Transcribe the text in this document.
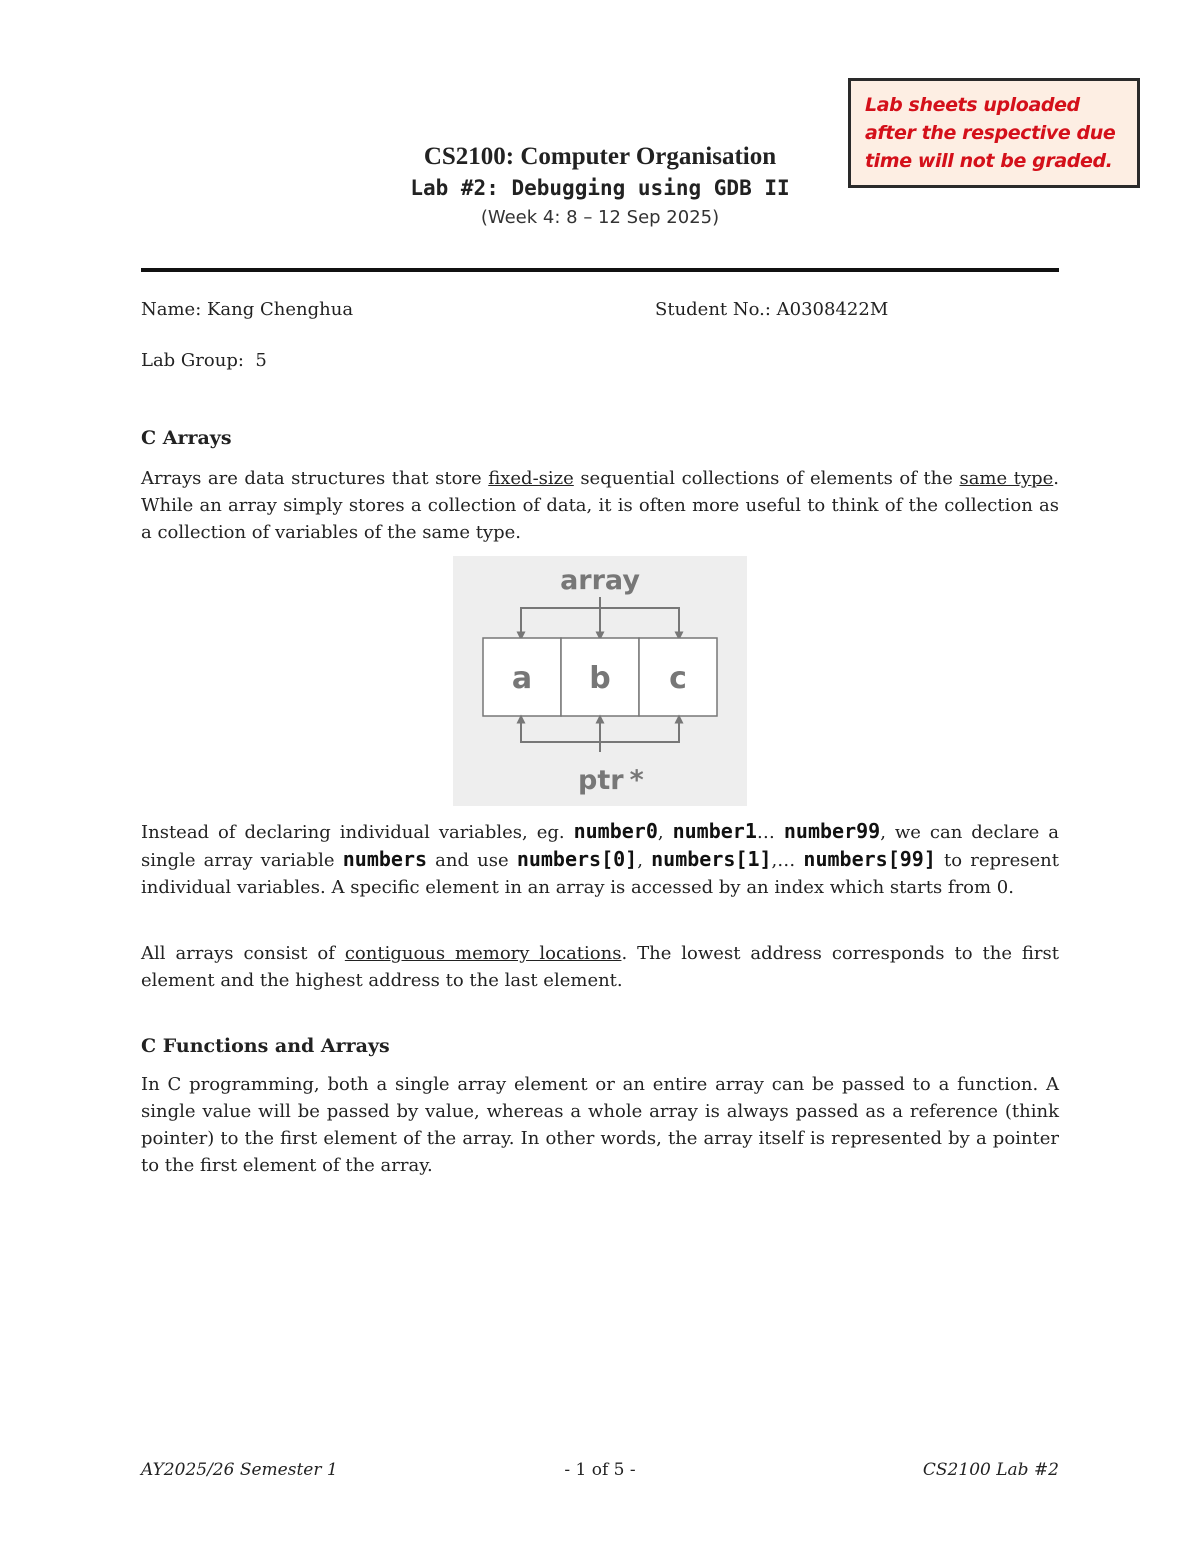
Lab sheets uploaded
after the respective due
time will not be graded.
CS2100: Computer Organisation
Lab #2: Debugging using GDB II
(Week 4: 8 – 12 Sep 2025)
Name: Kang Chenghua	Student No.: A0308422M
Lab Group:  5
C Arrays
Arrays are data structures that store fixed-size sequential collections of elements of the same type. While an array simply stores a collection of data, it is often more useful to think of the collection as a collection of variables of the same type.
array
a b c
ptr *
Instead of declaring individual variables, eg. number0, number1… number99, we can declare a single array variable numbers and use numbers[0], numbers[1],… numbers[99] to represent individual variables. A specific element in an array is accessed by an index which starts from 0.
All arrays consist of contiguous memory locations. The lowest address corresponds to the first element and the highest address to the last element.
C Functions and Arrays
In C programming, both a single array element or an entire array can be passed to a function. A single value will be passed by value, whereas a whole array is always passed as a reference (think pointer) to the first element of the array. In other words, the array itself is represented by a pointer to the first element of the array.
AY2025/26 Semester 1	- 1 of 5 -	CS2100 Lab #2
